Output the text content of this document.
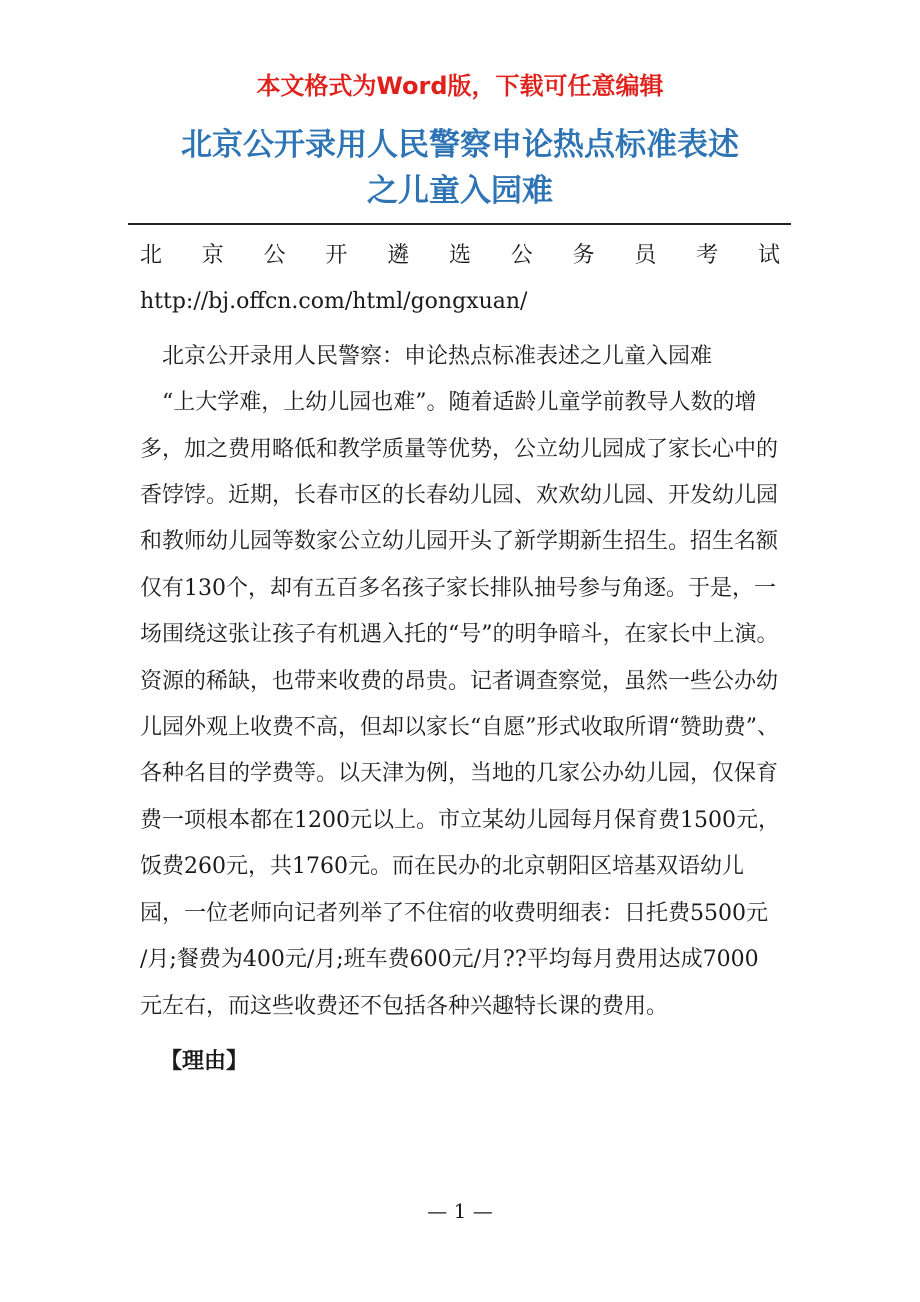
本文格式为Word版，下载可任意编辑

北京公开录用人民警察申论热点标准表述
之儿童入园难

北 京 公 开 遴 选 公 务 员 考 试

http://bj.offcn.com/html/gongxuan/

北京公开录用人民警察：申论热点标准表述之儿童入园难

“上大学难，上幼儿园也难”。随着适龄儿童学前教导人数的增多，加之费用略低和教学质量等优势，公立幼儿园成了家长心中的香饽饽。近期，长春市区的长春幼儿园、欢欢幼儿园、开发幼儿园和教师幼儿园等数家公立幼儿园开头了新学期新生招生。招生名额仅有130个，却有五百多名孩子家长排队抽号参与角逐。于是，一场围绕这张让孩子有机遇入托的“号”的明争暗斗，在家长中上演。资源的稀缺，也带来收费的昂贵。记者调查察觉，虽然一些公办幼儿园外观上收费不高，但却以家长“自愿”形式收取所谓“赞助费”、各种名目的学费等。以天津为例，当地的几家公办幼儿园，仅保育费一项根本都在1200元以上。市立某幼儿园每月保育费1500元，饭费260元，共1760元。而在民办的北京朝阳区培基双语幼儿园，一位老师向记者列举了不住宿的收费明细表：日托费5500元 /月;餐费为400元/月;班车费600元/月??平均每月费用达成7000元左右，而这些收费还不包括各种兴趣特长课的费用。

【理由】

— 1 —
